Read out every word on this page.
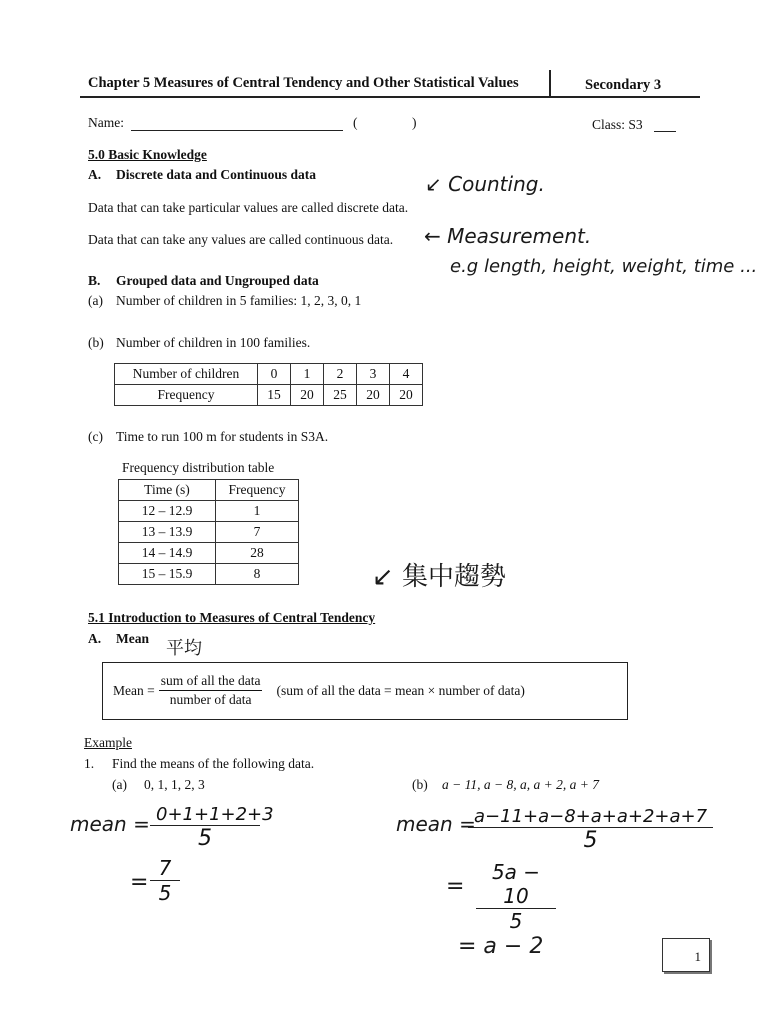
Chapter 5 Measures of Central Tendency and Other Statistical Values	Secondary 3
Name:	(	)	Class: S3
5.0 Basic Knowledge
A. Discrete data and Continuous data
Data that can take particular values are called discrete data.
Data that can take any values are called continuous data.
↙ Counting.
← Measurement.
e.g length, height, weight, time ...
B. Grouped data and Ungrouped data
(a) Number of children in 5 families: 1, 2, 3, 0, 1
(b) Number of children in 100 families.
Number of children	0	1	2	3	4
Frequency	15	20	25	20	20
(c) Time to run 100 m for students in S3A.
Frequency distribution table
Time (s)	Frequency
12 – 12.9	1
13 – 13.9	7
14 – 14.9	28
15 – 15.9	8	↙ 集中趨勢
5.1 Introduction to Measures of Central Tendency
A. Mean 平均
Mean = $\frac{\text{sum of all the data}}{\text{number of data}} (sum$ of all the data = mean × number of data)
Example
1. Find the means of the following data.
(a) 0, 1, 1, 2, 3	(b) a − 11, a − 8, a, a + 2, a + 7
mean = 0+1+1+2+3
5
= $\frac{7}{5}$
mean =
a−11+a−8+a+a+2+a+7
5
= $\frac{5a - 10}{5}$
= a − 2	1
